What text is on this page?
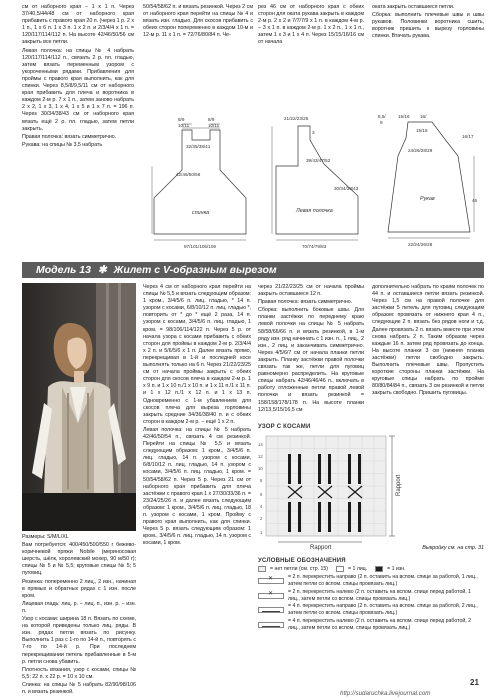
см от наборного края − 1 х 1 п. Через 37/40,5/44/48 см от наборного края прибавить с правого края 20 п. (через 1 р. 2 х 1 п., 1 х 6 п. 1 х 3 п. 1 х 2 п. и 2/3/4/4 х 1 п. = 120/117/114/112 п. На высоте 42/46/50/56 см закрыть все петли.

Левая полочка: на спицы № 4 набрать 120/117/114/112 п., связать 2 р. пл. гладью, затем вязать переменным узором с укороченными рядами. Прибавления для проймы с правого края выполнить, как для спинки. Через 8,5/8/9,5/11 см от наборного края прибавить для плеча и воротника в каждом 2-м р. 7 х 1 п., затем заново набрать 2 х 2, 1 х 3, 1 х 4, 1 х 5 и 1 х 7 п. = 196 п. Через 30/34/38/43 см от наборного края вязать ещё 2 р. пл. гладью, затем петли закрыть.

Правая полочка: вязать симметрично.

Рукава: на спицы № 3,5 набрать

50/54/58/62 п. и вязать резинкой. Через 2 см от наборного края перейти на спицы № 4 и вязать изн. гладью. Для скосов прибавить с обеих сторон попеременно в каждом 10-м и 12-м р. 11 х 1 п. = 72/76/80/84 п. Че-

рез 46 см от наборного края с обеих сторон для оката рукава закрыть в каждом 2-м р. 2 х 2 и 7/7/7/9 х 1 п. в каждом 4-м р. − 3 х 1 п. в каждом 2-м р. 1 х 2 п., 1 х 1 п., затем 1 х 3 и 1 х 4 п. Через 15/15/16/16 см от начала

оката закрыть оставшиеся петли.

Сборка: выполнить плечевые швы и швы рукавов. Половинки воротника сшить, воротник пришить к вырезу горловины спинки. Втачать рукава.

8/9	8/9
10/11	10/11
32/35/38/41
42/46/50/56
спинка
97/101/105/109
21/22/23/25
3
39/43/47/52
30/34/38/43
Левая полочка
70/74/79/83
8,5/
9
15/16 16/
15/16
24/26/28/29
16/17
Рукав
22/24/26/28
46
Модель 13 ✱ Жилет с V-образным вырезом

Размеры: S/M/L/XL

Вам потребуется: 400/450/500/550 г бежево-коричневой пряжи Nobile (мериносовая шерсть, шёлк, королевский мохер, 90 м/50 г); спицы № 5 и № 5,5; круговые спицы № 5; 5 пуговиц.

Резинка: попеременно 2 лиц., 2 изн., начиная в прямых и обратных рядах с 1 изн. после кром.

Лицевая гладь: лиц. р. − лиц. п., изн. р. − изн. п.

Узор с косами: ширина 18 п. Вязать по схеме, на которой приведены только лиц. ряды. В изн. рядах петли вязать по рисунку. Выполнить 1 раз с 1-го по 14-й п., повторять с 7-го по 14-й р. При последнем перекрещивании петель прибавленные в 5-м р. петли снова убавить.

Плотность вязания, узор с косами, спицы № 5,5: 22 п. х 22 р. = 10 х 10 см.

Спинка: на спицы № 5 набрать 82/90/98/106 п. и вязать резинкой.

Через 4 см от наборного края перейти на спицы № 5,5 и вязать следующим образом: 1 кром., 3/4/5/6 п. лиц. гладью, * 14 п. узором с косами, 6/8/10/12 п. лиц. гладью *, повторить от * до * ещё 2 раза, 14 п. узором с косами, 3/4/5/6 п. лиц. гладью, 1 кром. = 98/106/114/122 п. Через 5 р. от начала узора с косами прибавить с обеих сторон для проймы в каждом 2-м р. 2/3/4/4 х 2 п. и 5/6/5/6 х 1 п. Далее вязать прямо, перекрещивая в 1-й и последней косе выполнять только на 6 п. Через 21/22/23/25 см от начала проймы закрыть с обеих сторон для скосов плеча в каждом 2-м р. 1 х 9 п. и 1 х 10 п./1 х 10 п. и 1 х 11 п./1 х 11 п. и 1 х 12 п./1 х 12 п. и 1 х 13 п. Одновременно с 1-м убавлением для скосов плеча для выреза горловины закрыть средние 34/36/38/40 п. и с обеих сторон в каждом 2-м р. − ещё 1 х 2 п.

Левая полочка: на спицы № 5 набрать 42/46/50/54 п., связать 4 см резинкой. Перейти на спицы № 5,5 и вязать следующим образом: 1 кром., 3/4/5/6 п. лиц. гладью, 14 п. узором с косами, 6/8/10/12 п. лиц. гладью, 14 п. узором с косами, 3/4/5/6 п. лиц. гладью, 1 кром. = 50/54/58/62 п. Через 5 р. Через 21 см от наборного края прибавить для плеча застёжки с правого края 1 х 27/30/33/36 п. = 23/24/25/26 п. и далее вязать следующим образом: 1 кром., 3/4/5/6 п. лиц. гладью, 18 п. узором с косами, 1 кром. Пройму с правого края выполнить, как для спинки. Через 5 р. вязать следующим образом: 1 кром., 3/4/5/6 п. лиц. гладью, 14 п. узором с косами, 1 кром.

через 21/22/23/25 см от начала проймы закрыть оставшиеся 12 п.

Правая полочка: вязать симметрично.

Сборка: выполнить боковые швы. Для планки застёжки по переднему краю левой полочки на спицы № 5 набрать 58/58/66/66 п. и вязать резинкой, в 1-м ряду изн. ряд начинать с 1 изн. п., 1 лиц., 2 изн., 2 лиц. и заканчивать симметрично. Через 4/5/6/7 см от начала планки петли закрыть. Планку застёжки правой полочки связать так же, петли для пуговиц равномерно распределить. На круговые спицы набрать 42/46/46/46 п., включать в работу отложенные петли правой левой полочки и вязать резинкой = 158/158/178/178 п. На высоте планки 12/13,5/15/16,5 см

дополнительно набрать по краям полочек по 44 п. и оставшиеся петли вязать резинкой. Через 1,5 см на правой полочке для застёжки 5 петель для пуговиц следующим образом: провязать от нижнего края 4 п., следующие 2 п. вязать без рядов ноги и т.д. Далее провязать 2 п. вязать вместе при этом снова набрать 2 п. Таким образом через каждые 16 п. затем ряд провязать до конца. На высоте планки 3 см (нижняя планка застёжки) петли свободно закрыть. Выполнить плечевые швы. Пропустить короткие стороны планки застёжки. На круговые спицы набрать по пройме 80/80/84/84 п., связать 3 см резинкой и петли закрыть свободно. Пришить пуговицы.

Выкройку см. на стр. 31
УЗОР С КОСАМИ
Rapport
Rapport
14
12
10
8
6
4
2
1
УСЛОВНЫЕ ОБОЗНАЧЕНИЯ
= нет петли (см. стр. 15)	= 1 лиц.	= 1 изн.
✕
= 2 п. перекрестить направо (2 п. оставить на вспом. спице за работой, 1 лиц., затем петли со вспом. спицы провязать лиц.)
✕
= 2 п. перекрестить налево (2 п. оставить на вспом. спице перед работой, 1 лиц., затем петли со вспом. спицы провязать лиц.)
= 4 п. перекрестить направо (2 п. оставить на вспом. спице за работой, 2 лиц., затем петли со вспом. спицы провязать лиц.)
= 4 п. перекрестить налево (2 п. оставить на вспом. спице перед работой, 2 лиц., затем петли со вспом. спицы провязать лиц.)
21
http://sudaruchka.livejournal.com
